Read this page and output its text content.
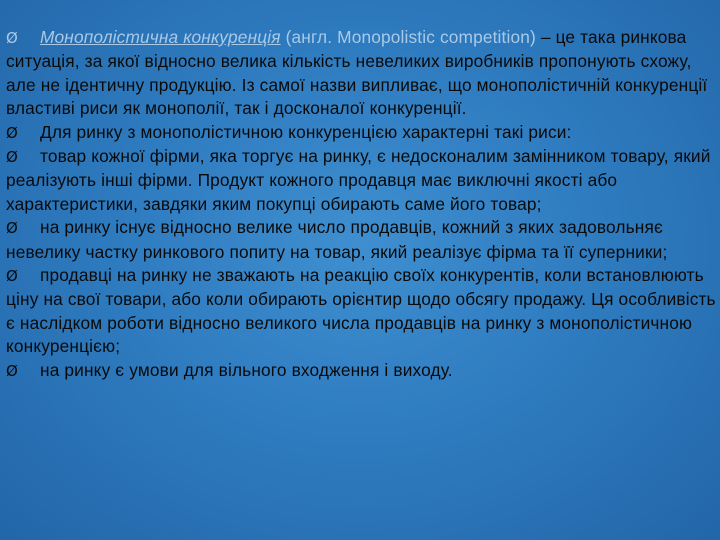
Ø Монополістична конкуренція (англ. Monopolistic competition) – це така ринкова ситуація, за якої відносно велика кількість невеликих виробників пропонують схожу, але не ідентичну продукцію. Із самої назви випливає, що монополістичній конкуренції властиві риси як монополії, так і досконалої конкуренції.

Ø Для ринку з монополістичною конкуренцією характерні такі риси:

Ø товар кожної фірми, яка торгує на ринку, є недосконалим замінником товару, який реалізують інші фірми. Продукт кожного продавця має виключні якості або характеристики, завдяки яким покупці обирають саме його товар;

Ø на ринку існує відносно велике число продавців, кожний з яких задовольняє невелику частку ринкового попиту на товар, який реалізує фірма та її суперники;

Ø продавці на ринку не зважають на реакцію своїх конкурентів, коли встановлюють ціну на свої товари, або коли обирають орієнтир щодо обсягу продажу. Ця особливість є наслідком роботи відносно великого числа продавців на ринку з монополістичною конкуренцією;

Ø на ринку є умови для вільного входження і виходу.
